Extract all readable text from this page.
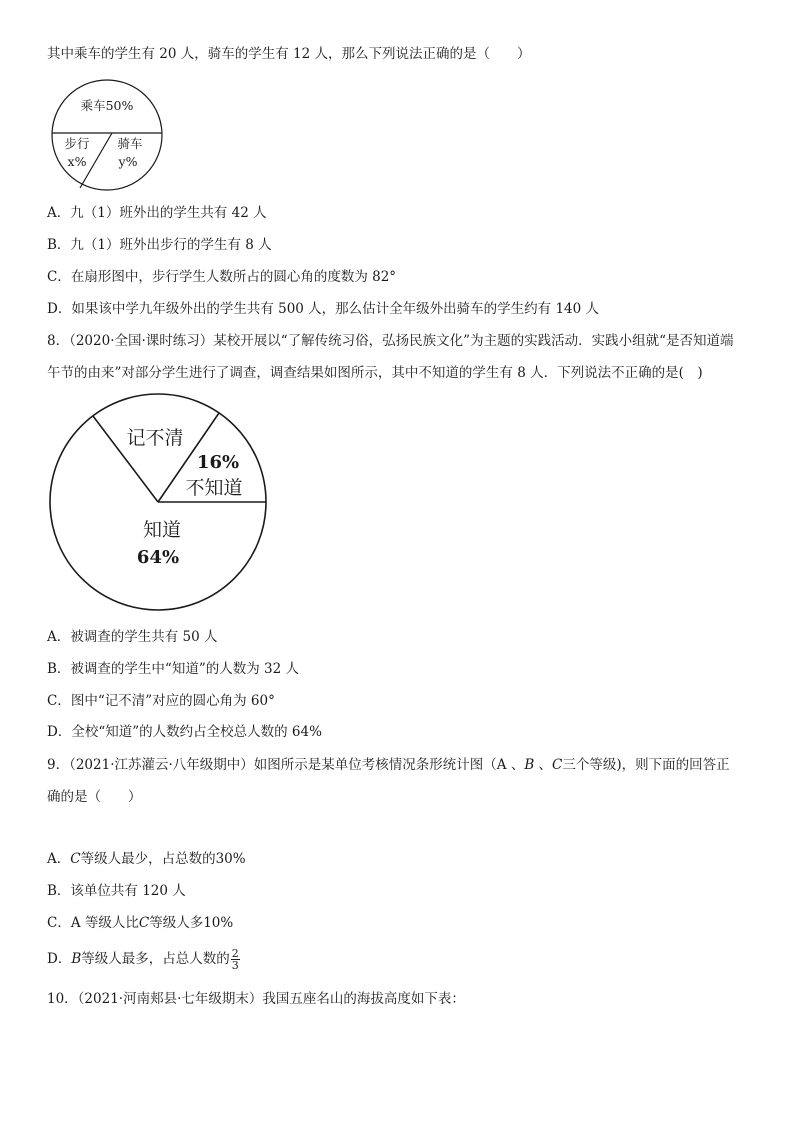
其中乘车的学生有 20 人，骑车的学生有 12 人，那么下列说法正确的是（　　）
乘车50%
步行
x%
骑车
y%
A．九（1）班外出的学生共有 42 人
B．九（1）班外出步行的学生有 8 人
C．在扇形图中，步行学生人数所占的圆心角的度数为 82°
D．如果该中学九年级外出的学生共有 500 人，那么估计全年级外出骑车的学生约有 140 人
8．（2020·全国·课时练习）某校开展以“了解传统习俗，弘扬民族文化”为主题的实践活动．实践小组就“是否知道端
午节的由来”对部分学生进行了调查，调查结果如图所示，其中不知道的学生有 8 人．下列说法不正确的是(　)
记不清
16%
不知道
知道
64%
A．被调查的学生共有 50 人
B．被调查的学生中“知道”的人数为 32 人
C．图中“记不清”对应的圆心角为 60°
D．全校“知道”的人数约占全校总人数的 64%
9．（2021·江苏灌云·八年级期中）如图所示是某单位考核情况条形统计图（A 、B 、C三个等级)，则下面的回答正
确的是（　　）
A．C等级人最少，占总数的30%
B．该单位共有 120 人
C．A 等级人比C等级人多10%
D．B等级人最多，占总人数的 $\frac{2}{3}$
10．（2021·河南郏县·七年级期末）我国五座名山的海拔高度如下表：
